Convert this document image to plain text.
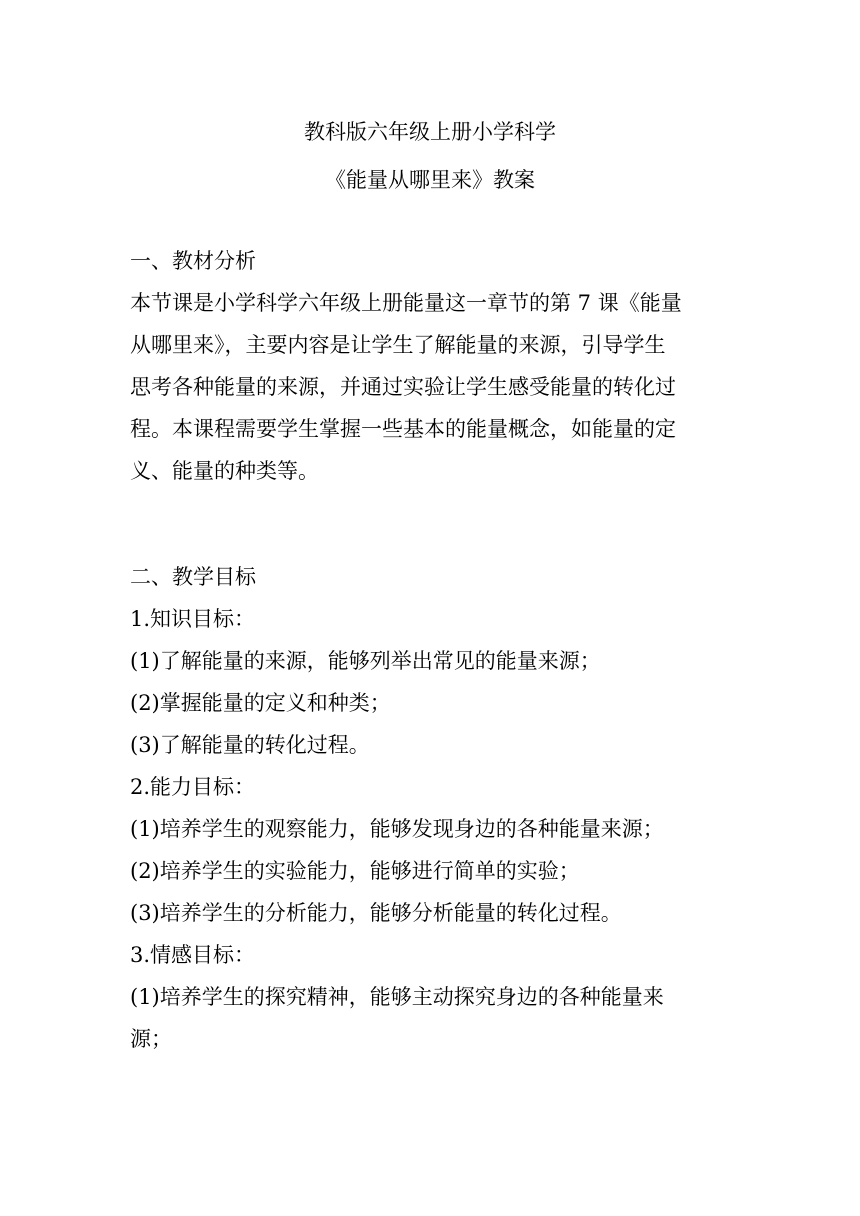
教科版六年级上册小学科学
《能量从哪里来》教案
一、教材分析
本节课是小学科学六年级上册能量这一章节的第 7 课《能量
从哪里来》，主要内容是让学生了解能量的来源，引导学生
思考各种能量的来源，并通过实验让学生感受能量的转化过
程。本课程需要学生掌握一些基本的能量概念，如能量的定
义、能量的种类等。
二、教学目标
1.知识目标：
(1)了解能量的来源，能够列举出常见的能量来源；
(2)掌握能量的定义和种类；
(3)了解能量的转化过程。
2.能力目标：
(1)培养学生的观察能力，能够发现身边的各种能量来源；
(2)培养学生的实验能力，能够进行简单的实验；
(3)培养学生的分析能力，能够分析能量的转化过程。
3.情感目标：
(1)培养学生的探究精神，能够主动探究身边的各种能量来
源；
